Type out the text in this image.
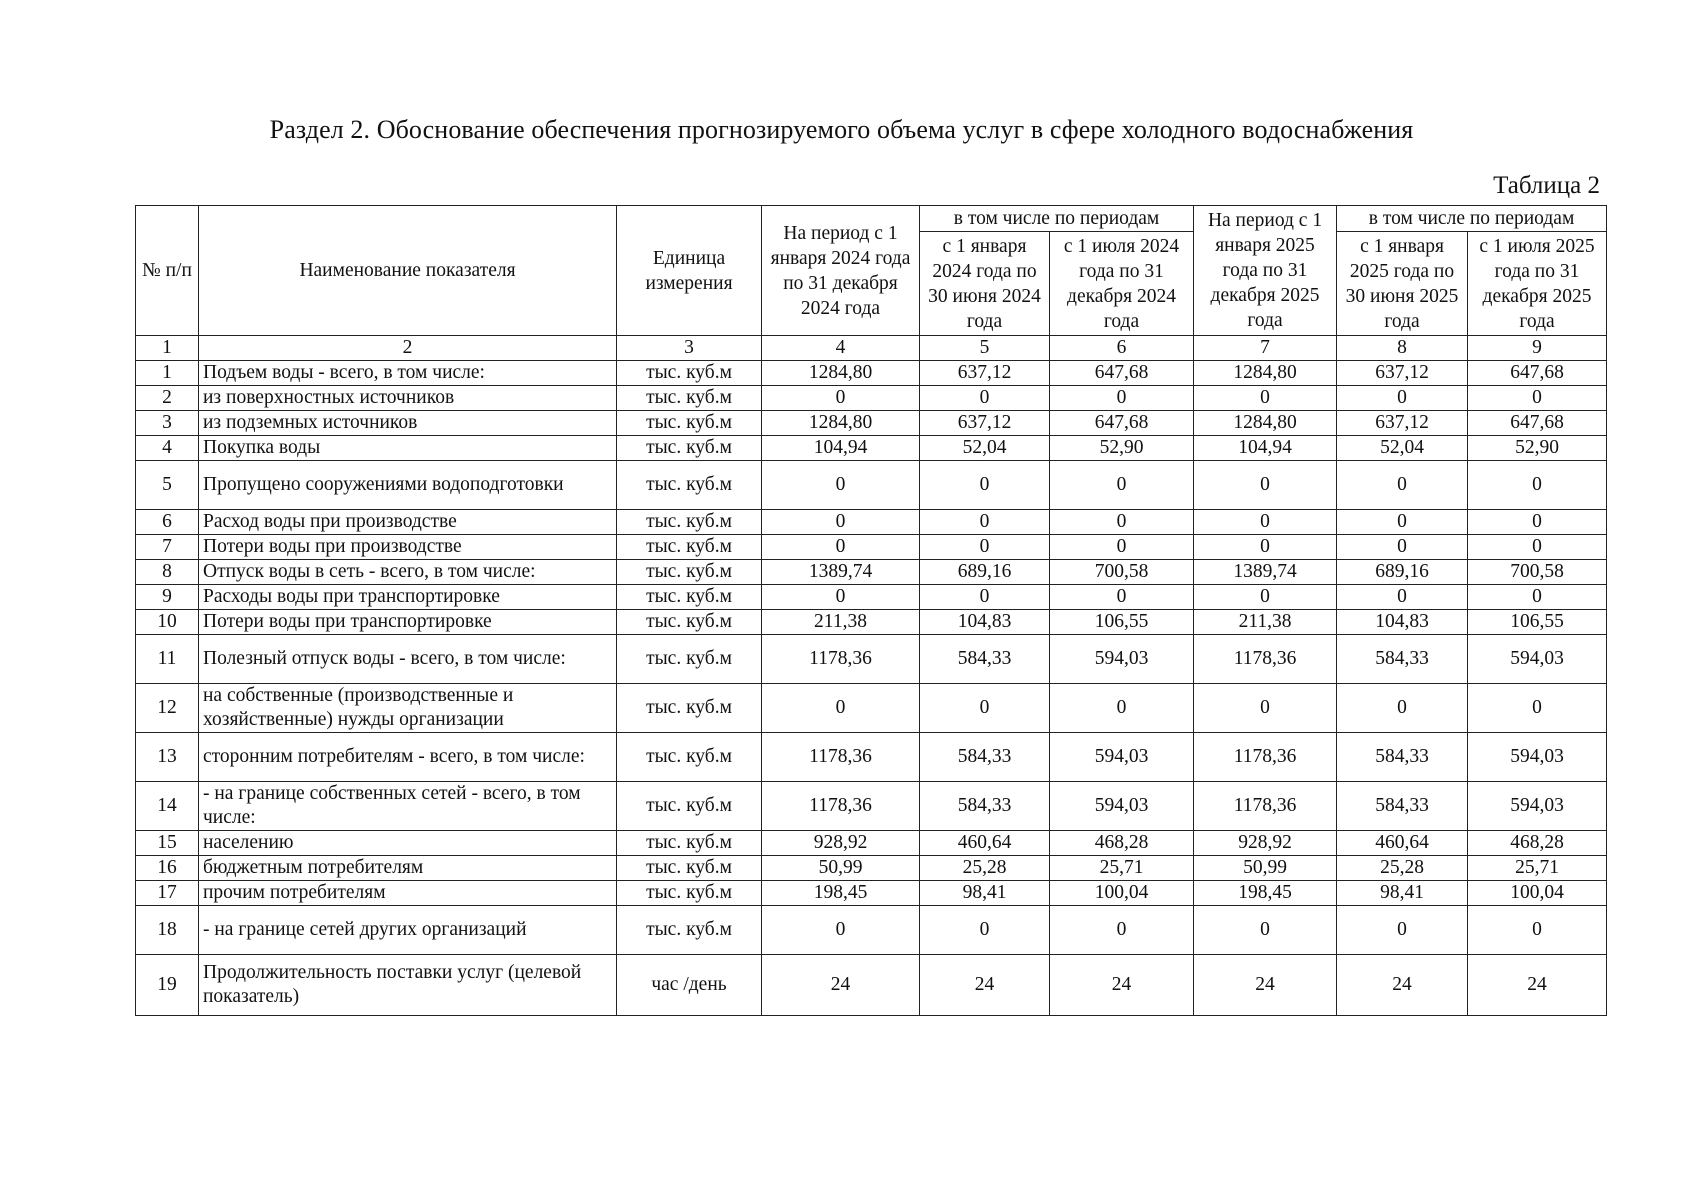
Раздел 2. Обоснование обеспечения прогнозируемого объема услуг в сфере холодного водоснабжения
Таблица 2
№ п/п	Наименование показателя	Единица измерения	На период с 1 января 2024 года по 31 декабря 2024 года	в том числе по периодам		На период с 1 января 2025 года по 31 декабря 2025 года	в том числе по периодам	
				с 1 января 2024 года по 30 июня 2024 года	с 1 июля 2024 года по 31 декабря 2024 года		с 1 января 2025 года по 30 июня 2025 года	с 1 июля 2025 года по 31 декабря 2025 года
1	2	3	4	5	6	7	8	9
1	Подъем воды - всего, в том числе:	тыс. куб.м	1284,80	637,12	647,68	1284,80	637,12	647,68
2	из поверхностных источников	тыс. куб.м	0	0	0	0	0	0
3	из подземных источников	тыс. куб.м	1284,80	637,12	647,68	1284,80	637,12	647,68
4	Покупка воды	тыс. куб.м	104,94	52,04	52,90	104,94	52,04	52,90
5	Пропущено сооружениями водоподготовки	тыс. куб.м	0	0	0	0	0	0
6	Расход воды при производстве	тыс. куб.м	0	0	0	0	0	0
7	Потери воды при производстве	тыс. куб.м	0	0	0	0	0	0
8	Отпуск воды в сеть - всего, в том числе:	тыс. куб.м	1389,74	689,16	700,58	1389,74	689,16	700,58
9	Расходы воды при транспортировке	тыс. куб.м	0	0	0	0	0	0
10	Потери воды при транспортировке	тыс. куб.м	211,38	104,83	106,55	211,38	104,83	106,55
11	Полезный отпуск воды - всего, в том числе:	тыс. куб.м	1178,36	584,33	594,03	1178,36	584,33	594,03
12	на собственные (производственные и хозяйственные) нужды организации	тыс. куб.м	0	0	0	0	0	0
13	сторонним потребителям - всего, в том числе:	тыс. куб.м	1178,36	584,33	594,03	1178,36	584,33	594,03
14	- на границе собственных сетей - всего, в том числе:	тыс. куб.м	1178,36	584,33	594,03	1178,36	584,33	594,03
15	населению	тыс. куб.м	928,92	460,64	468,28	928,92	460,64	468,28
16	бюджетным потребителям	тыс. куб.м	50,99	25,28	25,71	50,99	25,28	25,71
17	прочим потребителям	тыс. куб.м	198,45	98,41	100,04	198,45	98,41	100,04
18	- на границе сетей других организаций	тыс. куб.м	0	0	0	0	0	0
19	Продолжительность поставки услуг (целевой показатель)	час /день	24	24	24	24	24	24
